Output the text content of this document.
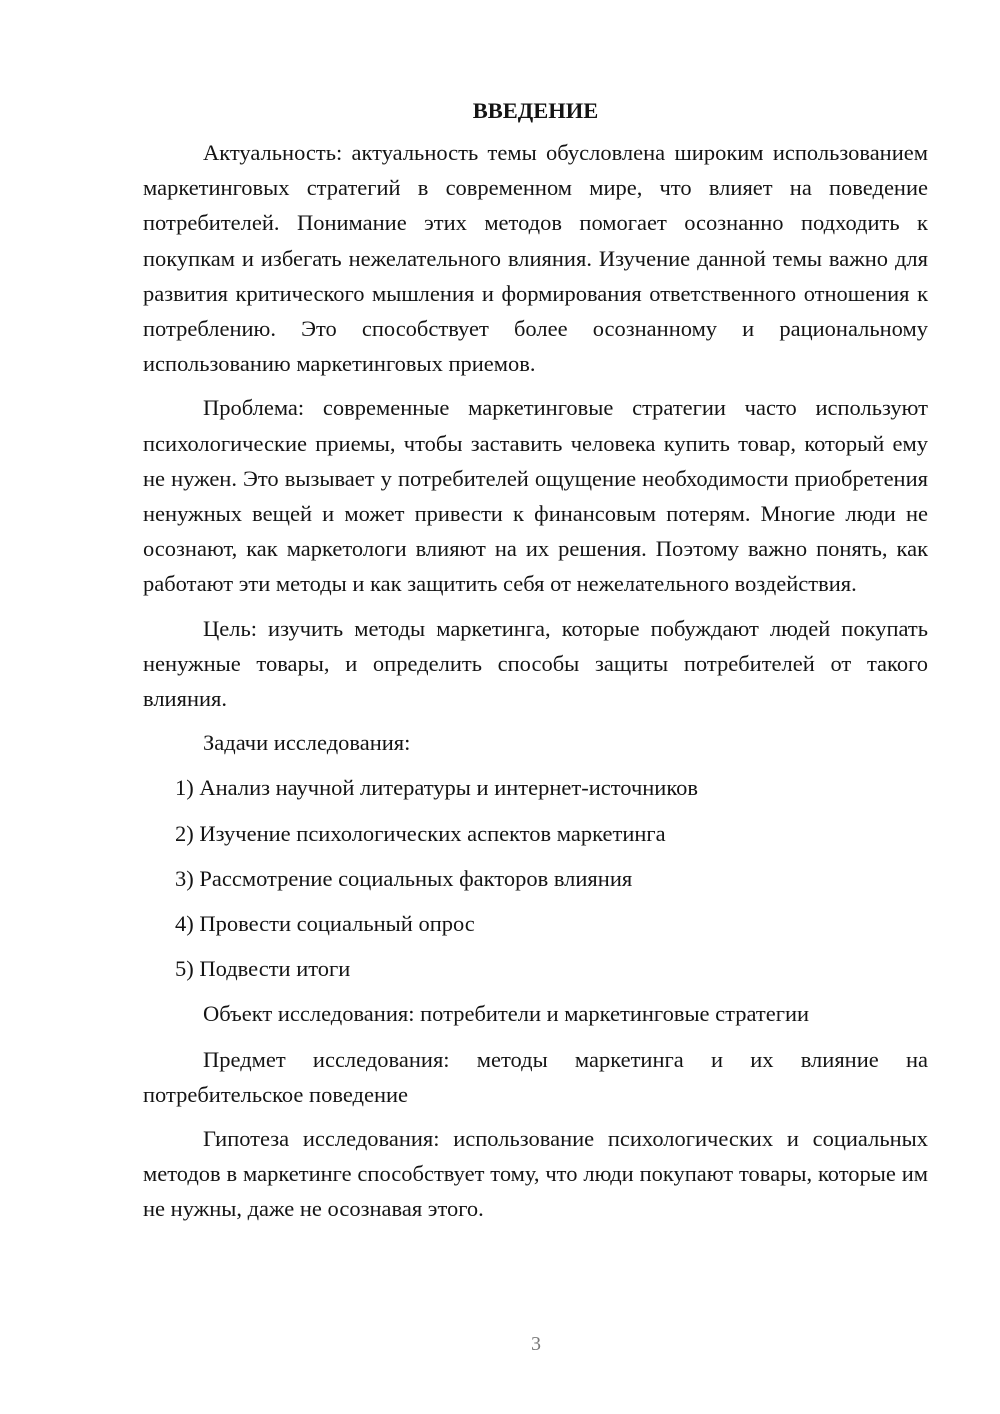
ВВЕДЕНИЕ

Актуальность: актуальность темы обусловлена широким использованием маркетинговых стратегий в современном мире, что влияет на поведение потребителей. Понимание этих методов помогает осознанно подходить к покупкам и избегать нежелательного влияния. Изучение данной темы важно для развития критического мышления и формирования ответственного отношения к потреблению. Это способствует более осознанному и рациональному использованию маркетинговых приемов.

Проблема: современные маркетинговые стратегии часто используют психологические приемы, чтобы заставить человека купить товар, который ему не нужен. Это вызывает у потребителей ощущение необходимости приобретения ненужных вещей и может привести к финансовым потерям. Многие люди не осознают, как маркетологи влияют на их решения. Поэтому важно понять, как работают эти методы и как защитить себя от нежелательного воздействия.

Цель: изучить методы маркетинга, которые побуждают людей покупать ненужные товары, и определить способы защиты потребителей от такого влияния.

Задачи исследования:

1) Анализ научной литературы и интернет-источников
2) Изучение психологических аспектов маркетинга
3) Рассмотрение социальных факторов влияния
4) Провести социальный опрос
5) Подвести итоги

Объект исследования: потребители и маркетинговые стратегии

Предмет исследования: методы маркетинга и их влияние на потребительское поведение

Гипотеза исследования: использование психологических и социальных методов в маркетинге способствует тому, что люди покупают товары, которые им не нужны, даже не осознавая этого.

3
